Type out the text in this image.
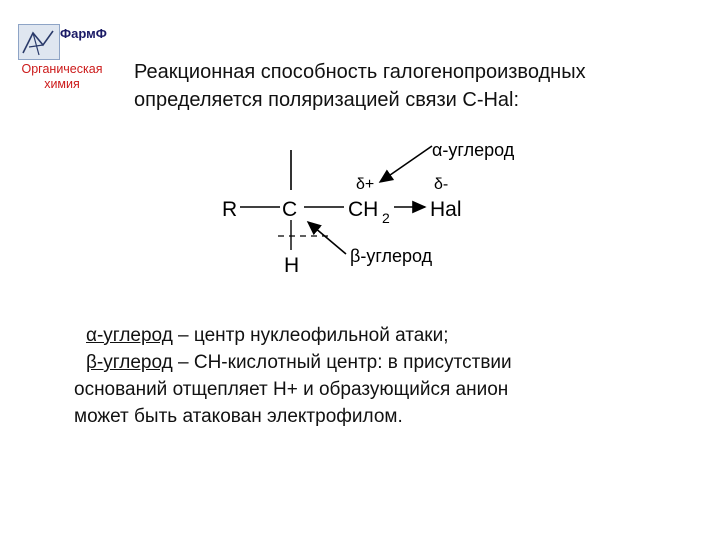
ФармФ
Органическая
химия
Реакционная способность галогенопроизводных
определяется поляризацией связи C-Hal:
α-углерод
δ+	δ-
R C CH 2 Hal
H	β-углерод
α-углерод – центр нуклеофильной атаки;
β-углерод – CH-кислотный центр: в присутствии
оснований отщепляет H+ и образующийся анион
может быть атакован электрофилом.
